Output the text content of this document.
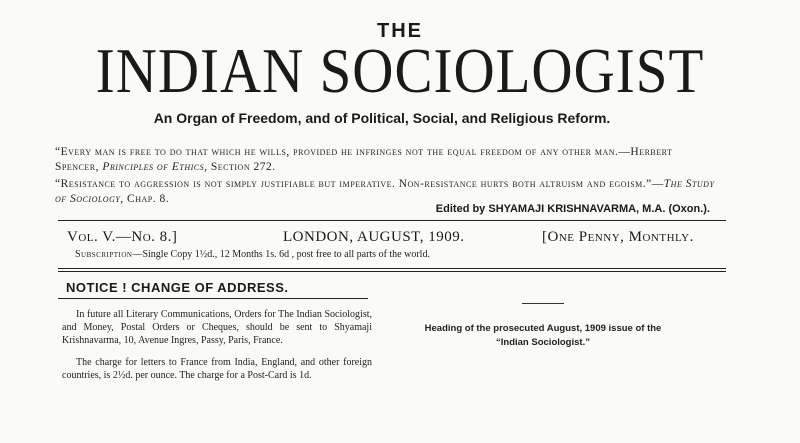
THE
INDIAN SOCIOLOGIST
An Organ of Freedom, and of Political, Social, and Religious Reform.
“Every man is free to do that which he wills, provided he infringes not the equal freedom of any other man.—Herbert Spencer, Principles of Ethics, Section 272.
“Resistance to aggression is not simply justifiable but imperative. Non-resistance hurts both altruism and egoism.”—The Study of Sociology, Chap. 8.
Edited by SHYAMAJI KRISHNAVARMA, M.A. (Oxon.).
Vol. V.—No. 8.]	LONDON, AUGUST, 1909.	[One Penny, Monthly.
Subscription—Single Copy 1½d., 12 Months 1s. 6d , post free to all parts of the world.
NOTICE ! CHANGE OF ADDRESS.
In future all Literary Communications, Orders for The Indian Sociologist, and Money, Postal Orders or Cheques, should be sent to Shyamaji Krishnavarma, 10, Avenue Ingres, Passy, Paris, France.
The charge for letters to France from India, England, and other foreign countries, is 2½d. per ounce. The charge for a Post-Card is 1d.
Heading of the prosecuted August, 1909 issue of the
“Indian Sociologist.”
